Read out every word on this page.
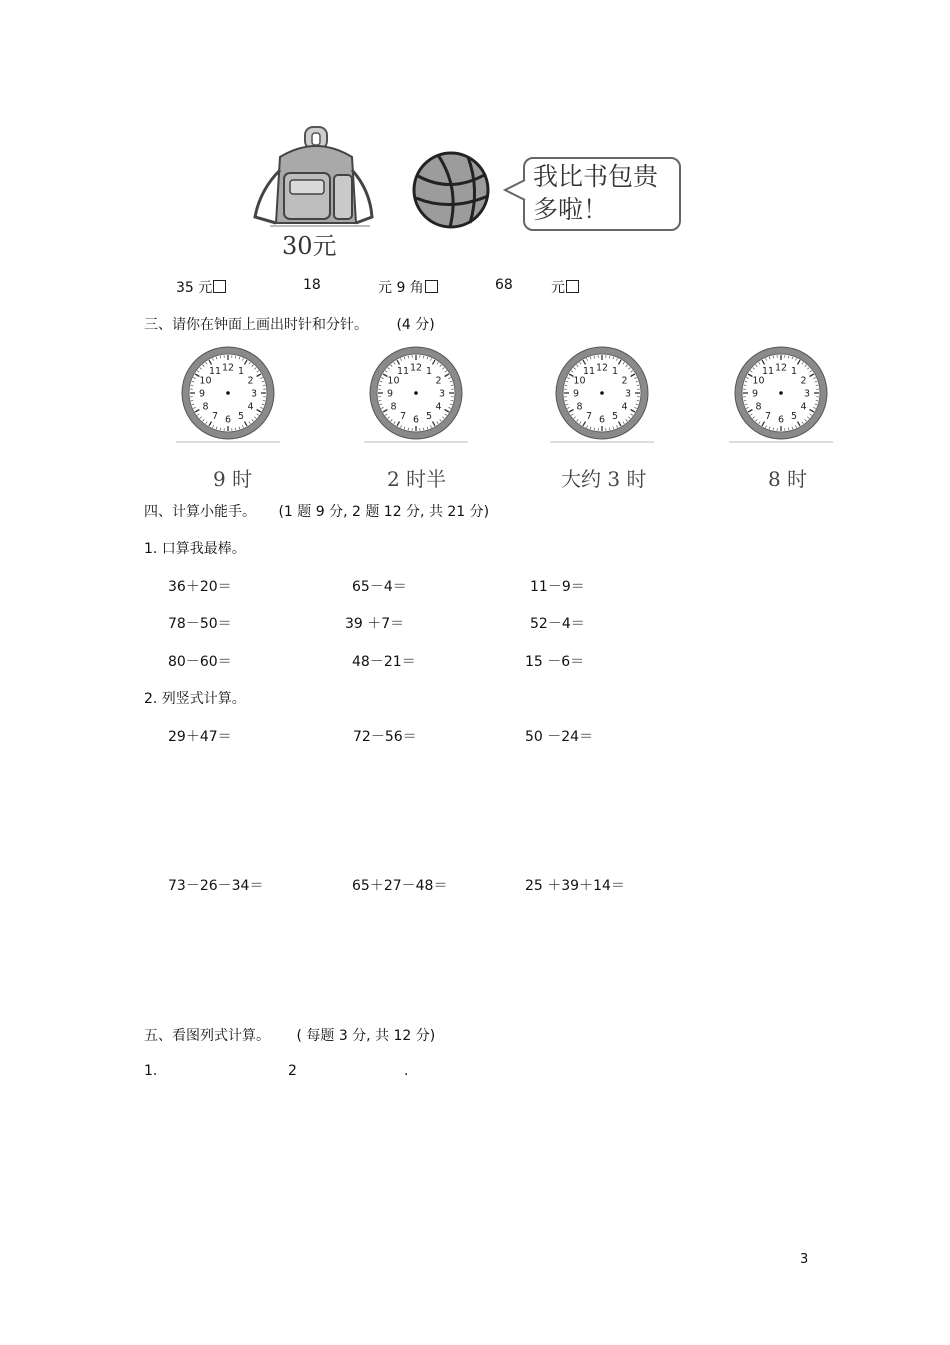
30元
我比书包贵
多啦！
35 元	18	元 9 角	68	元
三、请你在钟面上画出时针和分针。 (4 分)
12 1
2
3
4
5
6
7
8
9
10
11	12 1
2
3
4
5
6
7
8
9
10
11	12 1
2
3
4
5
6
7
8
9
10
11	12 1
2
3
4
5
6
7
8
9
10
11
9 时	2 时半	大约 3 时	8 时
四、计算小能手。 (1 题 9 分, 2 题 12 分, 共 21 分)
1. 口算我最棒。
36＋20＝	65－4＝	11－9＝
78－50＝	39 ＋7＝	52－4＝
80－60＝	48－21＝	15 －6＝
2. 列竖式计算。
29＋47＝	72－56＝	50 －24＝
73－26－34＝	65＋27－48＝	25 ＋39＋14＝
五、看图列式计算。 ( 每题 3 分, 共 12 分)
1.	2	.
3
